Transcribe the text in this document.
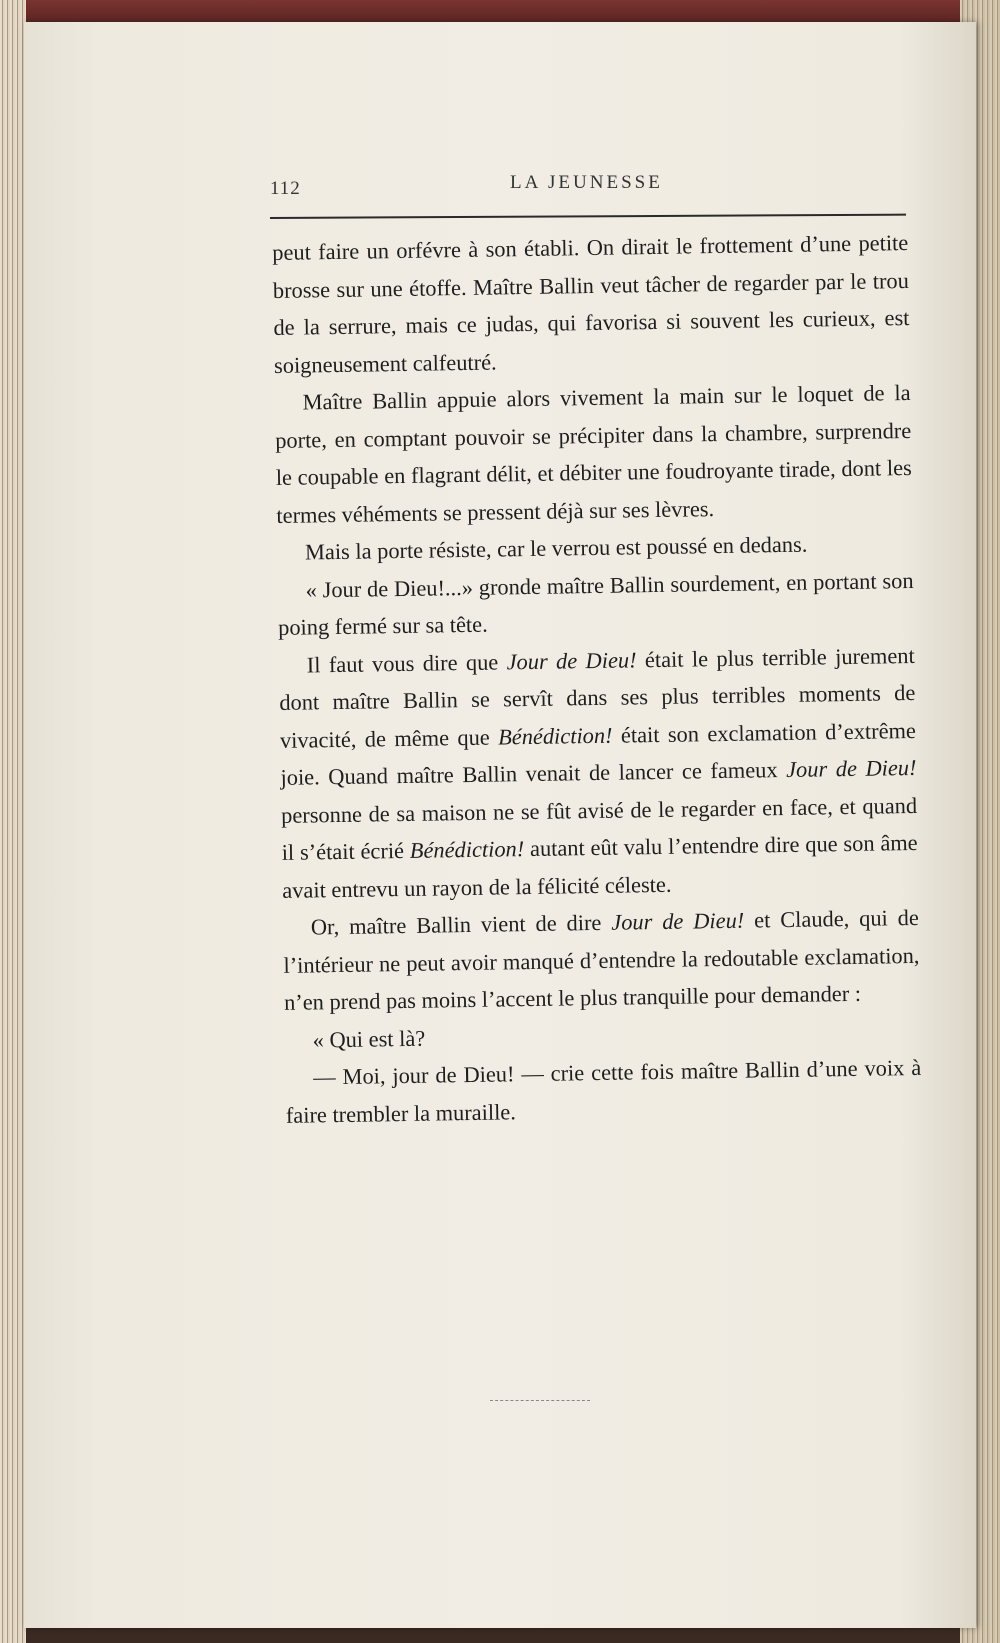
112	LA JEUNESSE

peut faire un orfévre à son établi. On dirait le frottement d’une petite brosse sur une étoffe. Maître Ballin veut tâcher de regarder par le trou de la serrure, mais ce judas, qui favorisa si souvent les curieux, est soigneusement calfeutré.

Maître Ballin appuie alors vivement la main sur le loquet de la porte, en comptant pouvoir se précipiter dans la chambre, surprendre le coupable en flagrant délit, et débiter une foudroyante tirade, dont les termes véhéments se pressent déjà sur ses lèvres.

Mais la porte résiste, car le verrou est poussé en dedans.

« Jour de Dieu!...» gronde maître Ballin sourdement, en portant son poing fermé sur sa tête.

Il faut vous dire que Jour de Dieu! était le plus terrible jurement dont maître Ballin se servît dans ses plus terribles moments de vivacité, de même que Bénédiction! était son exclamation d’extrême joie. Quand maître Ballin venait de lancer ce fameux Jour de Dieu! personne de sa maison ne se fût avisé de le regarder en face, et quand il s’était écrié Bénédiction! autant eût valu l’entendre dire que son âme avait entrevu un rayon de la félicité céleste.

Or, maître Ballin vient de dire Jour de Dieu! et Claude, qui de l’intérieur ne peut avoir manqué d’entendre la redoutable exclamation, n’en prend pas moins l’accent le plus tranquille pour demander :

« Qui est là?

— Moi, jour de Dieu! — crie cette fois maître Ballin d’une voix à faire trembler la muraille.
